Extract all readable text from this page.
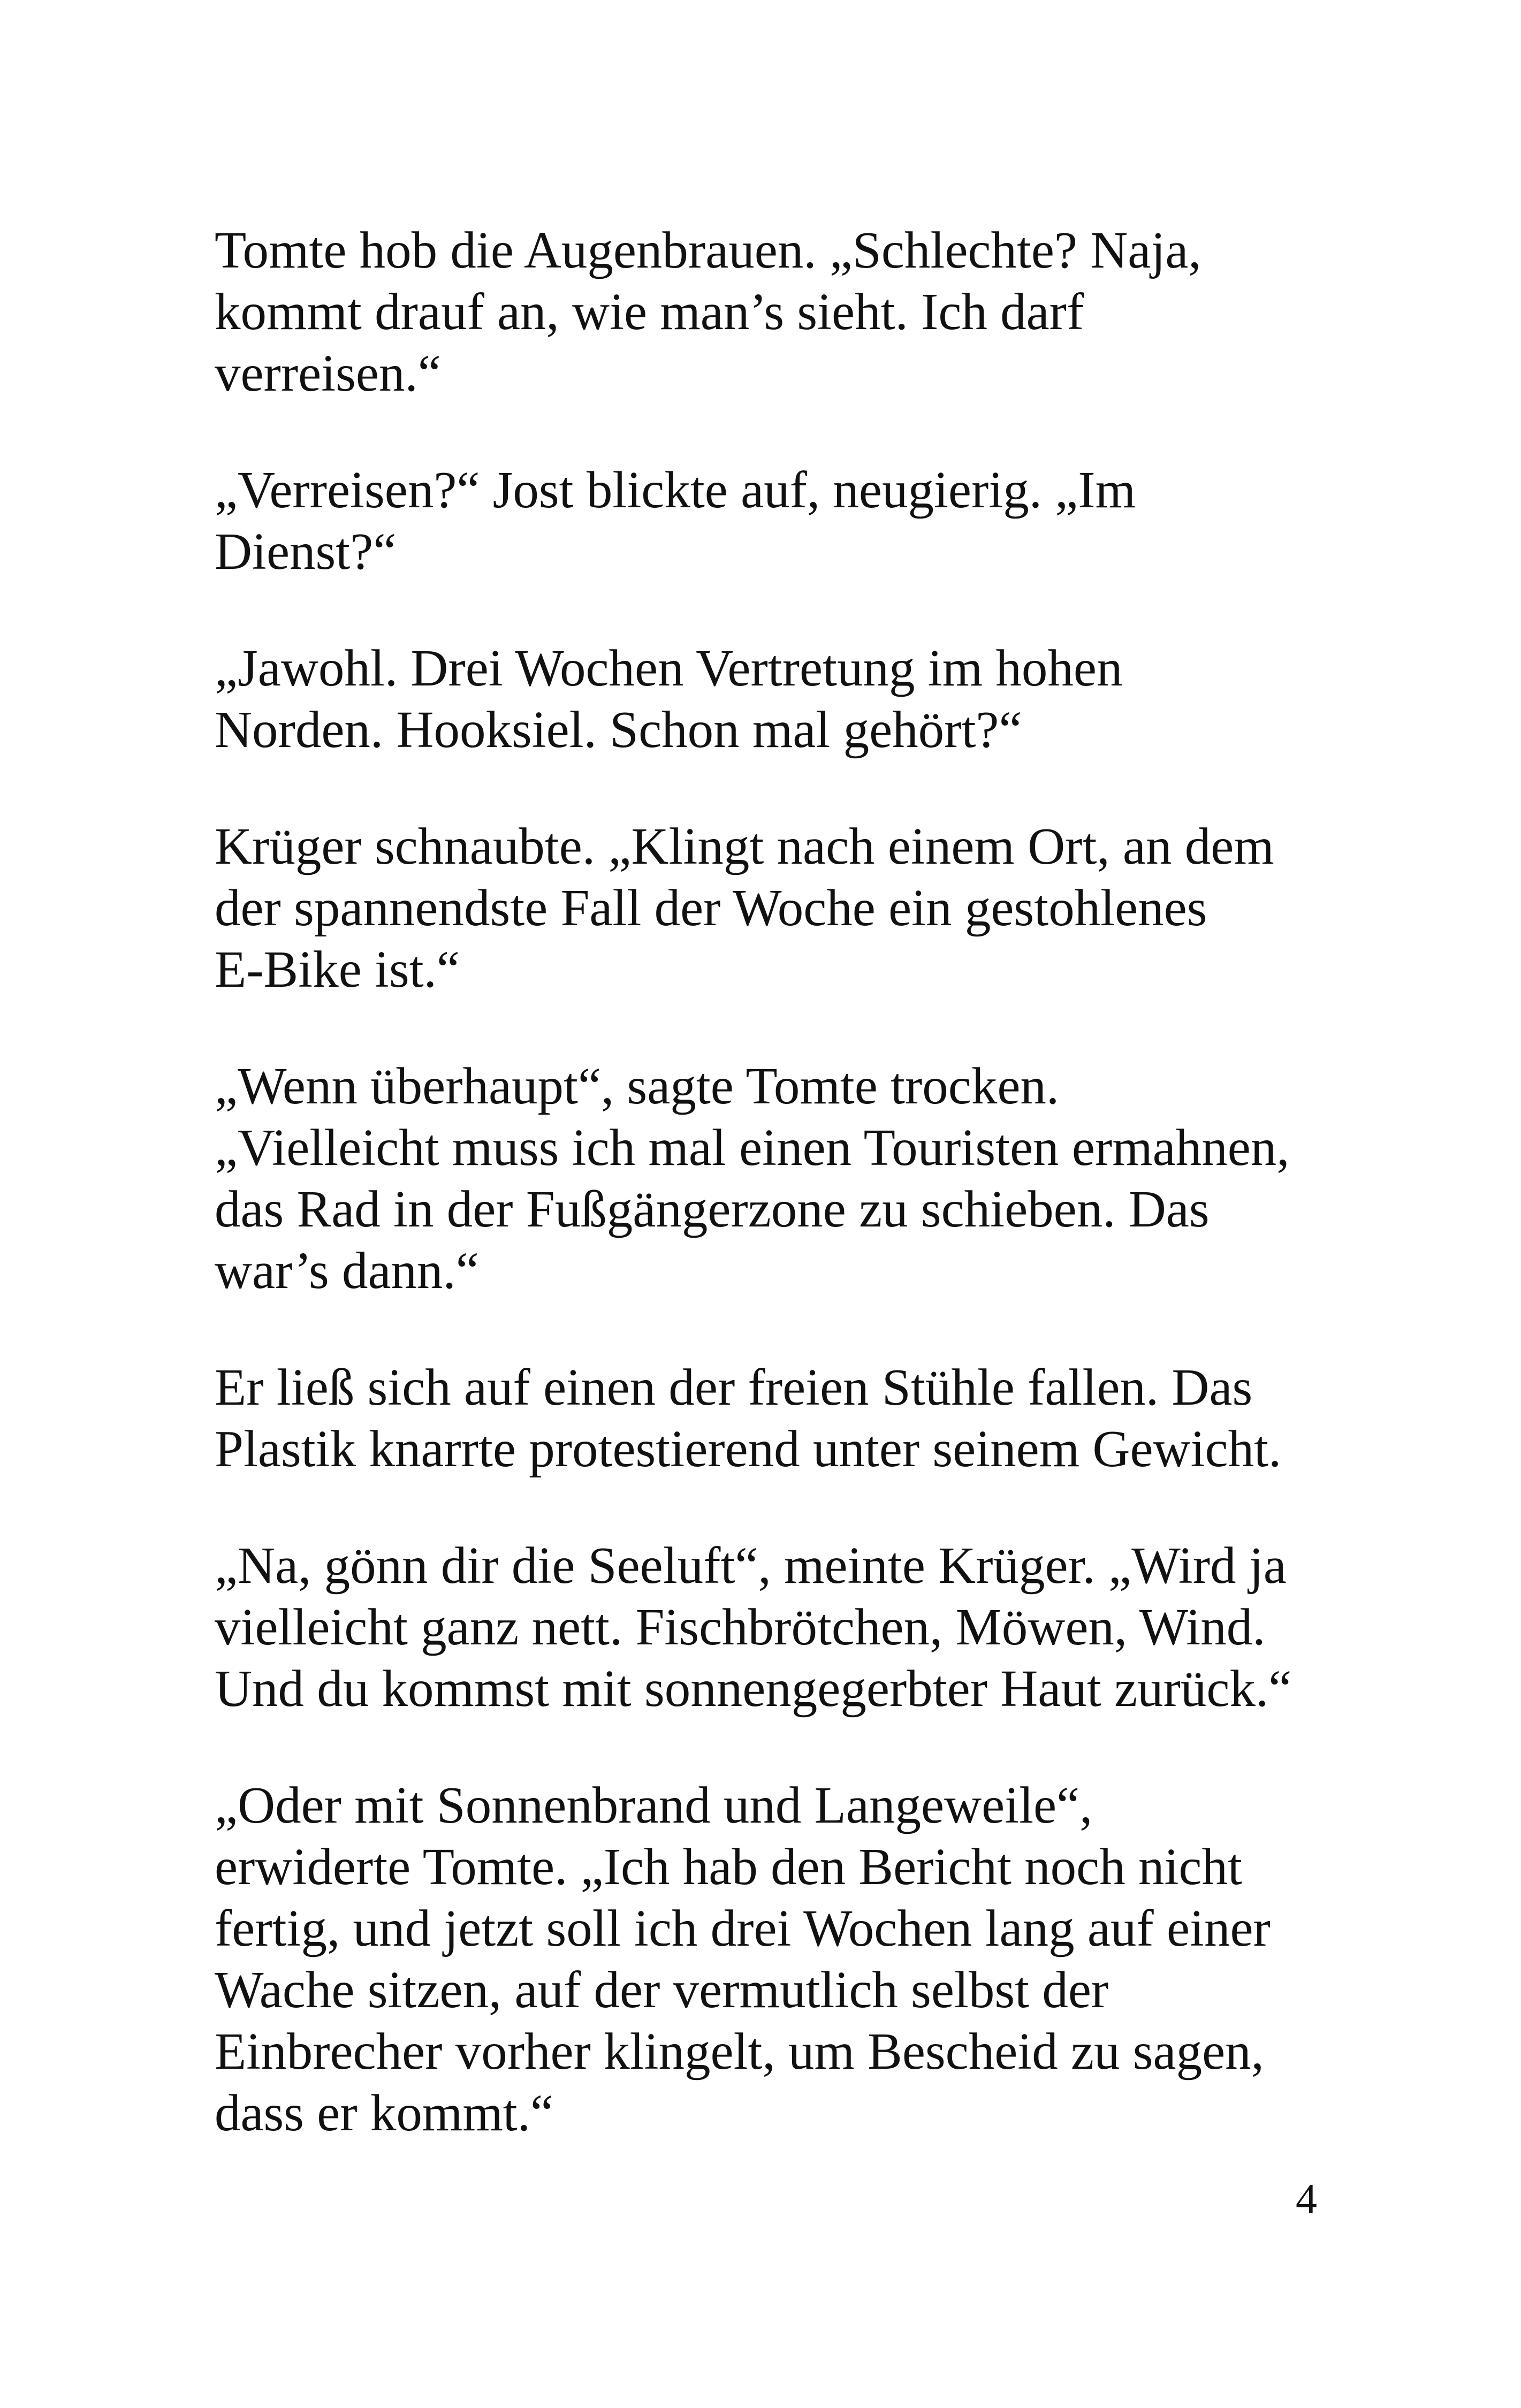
Tomte hob die Augenbrauen. „Schlechte? Naja,
kommt drauf an, wie man’s sieht. Ich darf
verreisen.“

„Verreisen?“ Jost blickte auf, neugierig. „Im
Dienst?“

„Jawohl. Drei Wochen Vertretung im hohen
Norden. Hooksiel. Schon mal gehört?“

Krüger schnaubte. „Klingt nach einem Ort, an dem
der spannendste Fall der Woche ein gestohlenes
E-Bike ist.“

„Wenn überhaupt“, sagte Tomte trocken.
„Vielleicht muss ich mal einen Touristen ermahnen,
das Rad in der Fußgängerzone zu schieben. Das
war’s dann.“

Er ließ sich auf einen der freien Stühle fallen. Das
Plastik knarrte protestierend unter seinem Gewicht.

„Na, gönn dir die Seeluft“, meinte Krüger. „Wird ja
vielleicht ganz nett. Fischbrötchen, Möwen, Wind.
Und du kommst mit sonnengegerbter Haut zurück.“

„Oder mit Sonnenbrand und Langeweile“,
erwiderte Tomte. „Ich hab den Bericht noch nicht
fertig, und jetzt soll ich drei Wochen lang auf einer
Wache sitzen, auf der vermutlich selbst der
Einbrecher vorher klingelt, um Bescheid zu sagen,
dass er kommt.“

4
